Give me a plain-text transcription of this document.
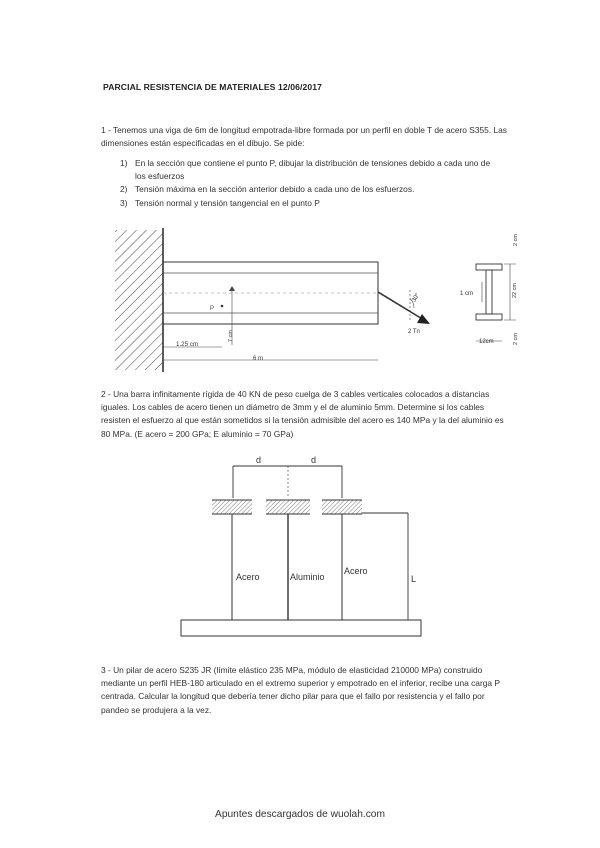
PARCIAL RESISTENCIA DE MATERIALES 12/06/2017
1 - Tenemos una viga de 6m de longitud empotrada-libre formada por un perfil en doble T de acero S355. Las dimensiones están especificadas en el dibujo. Se pide:
1) En la sección que contiene el punto P, dibujar la distribución de tensiones debido a cada uno de los esfuerzos
2) Tensión máxima en la sección anterior debido a cada uno de los esfuerzos.
3) Tensión normal y tensión tangencial en el punto P
P
7 cm
1.25 cm
6 m
30°
2 Tn
1 cm	22 cm
2 cm
12cm	2 cm
2 - Una barra infinitamente rígida de 40 KN de peso cuelga de 3 cables verticales colocados a distancias iguales. Los cables de acero tienen un diámetro de 3mm y el de aluminio 5mm. Determine si los cables resisten el esfuerzo al que están sometidos si la tensión admisible del acero es 140 MPa y la del aluminio es 80 MPa. (E acero = 200 GPa; E aluminio = 70 GPa)
d	d
Acero	Aluminio
Acero
L
3 - Un pilar de acero S235 JR (límite elástico 235 MPa, módulo de elasticidad 210000 MPa) construido mediante un perfil HEB-180 articulado en el extremo superior y empotrado en el inferior, recibe una carga P centrada. Calcular la longitud que debería tener dicho pilar para que el fallo por resistencia y el fallo por pandeo se produjera a la vez.
Apuntes descargados de wuolah.com
